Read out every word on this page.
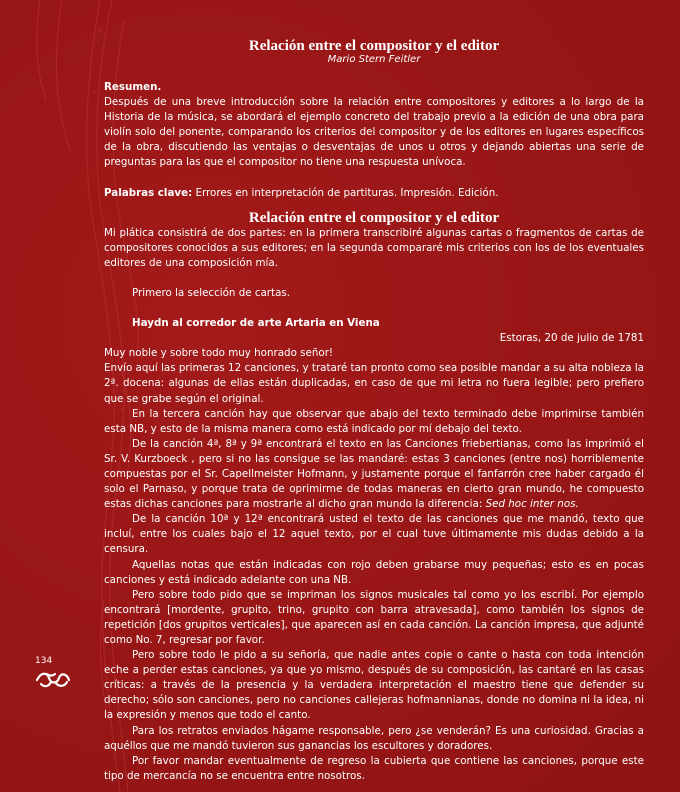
134
Relación entre el compositor y el editor
Mario Stern Feitler
Resumen.

Después de una breve introducción sobre la relación entre compositores y editores a lo largo de la Historia de la música, se abordará el ejemplo concreto del trabajo previo a la edición de una obra para violín solo del ponente, comparando los criterios del compositor y de los editores en lugares específicos de la obra, discutiendo las ventajas o desventajas de unos u otros y dejando abiertas una serie de preguntas para las que el compositor no tiene una respuesta unívoca.

Palabras clave: Errores en interpretación de partituras. Impresión. Edición.

Relación entre el compositor y el editor

Mi plática consistirá de dos partes: en la primera transcribiré algunas cartas o fragmentos de cartas de compositores conocidos a sus editores; en la segunda compararé mis criterios con los de los eventuales editores de una composición mía.

Primero la selección de cartas.

Haydn al corredor de arte Artaria en Viena

Estoras, 20 de julio de 1781

Muy noble y sobre todo muy honrado señor!

Envío aquí las primeras 12 canciones, y trataré tan pronto como sea posible mandar a su alta nobleza la 2ª. docena: algunas de ellas están duplicadas, en caso de que mi letra no fuera legible; pero prefiero que se grabe según el original.

En la tercera canción hay que observar que abajo del texto terminado debe imprimirse también esta NB, y esto de la misma manera como está indicado por mí debajo del texto.

De la canción 4ª, 8ª y 9ª encontrará el texto en las Canciones friebertianas, como las imprimió el Sr. V. Kurzboeck , pero si no las consigue se las mandaré: estas 3 canciones (entre nos) horriblemente compuestas por el Sr. Capellmeister Hofmann, y justamente porque el fanfarrón cree haber cargado él solo el Parnaso, y porque trata de oprimirme de todas maneras en cierto gran mundo, he compuesto estas dichas canciones para mostrarle al dicho gran mundo la diferencia: Sed hoc inter nos.

De la canción 10ª y 12ª encontrará usted el texto de las canciones que me mandó, texto que incluí, entre los cuales bajo el 12 aquel texto, por el cual tuve últimamente mis dudas debido a la censura.

Aquellas notas que están indicadas con rojo deben grabarse muy pequeñas; esto es en pocas canciones y está indicado adelante con una NB.

Pero sobre todo pido que se impriman los signos musicales tal como yo los escribí. Por ejemplo encontrará [mordente, grupito, trino, grupito con barra atravesada], como también los signos de repetición [dos grupitos verticales], que aparecen así en cada canción. La canción impresa, que adjunté como No. 7, regresar por favor.

Pero sobre todo le pido a su señoría, que nadie antes copie o cante o hasta con toda intención eche a perder estas canciones, ya que yo mismo, después de su composición, las cantaré en las casas críticas: a través de la presencia y la verdadera interpretación el maestro tiene que defender su derecho; sólo son canciones, pero no canciones callejeras hofmannianas, donde no domina ni la idea, ni la expresión y menos que todo el canto.

Para los retratos enviados hágame responsable, pero ¿se venderán? Es una curiosidad. Gracias a aquéllos que me mandó tuvieron sus ganancias los escultores y doradores.

Por favor mandar eventualmente de regreso la cubierta que contiene las canciones, porque este tipo de mercancía no se encuentra entre nosotros.
